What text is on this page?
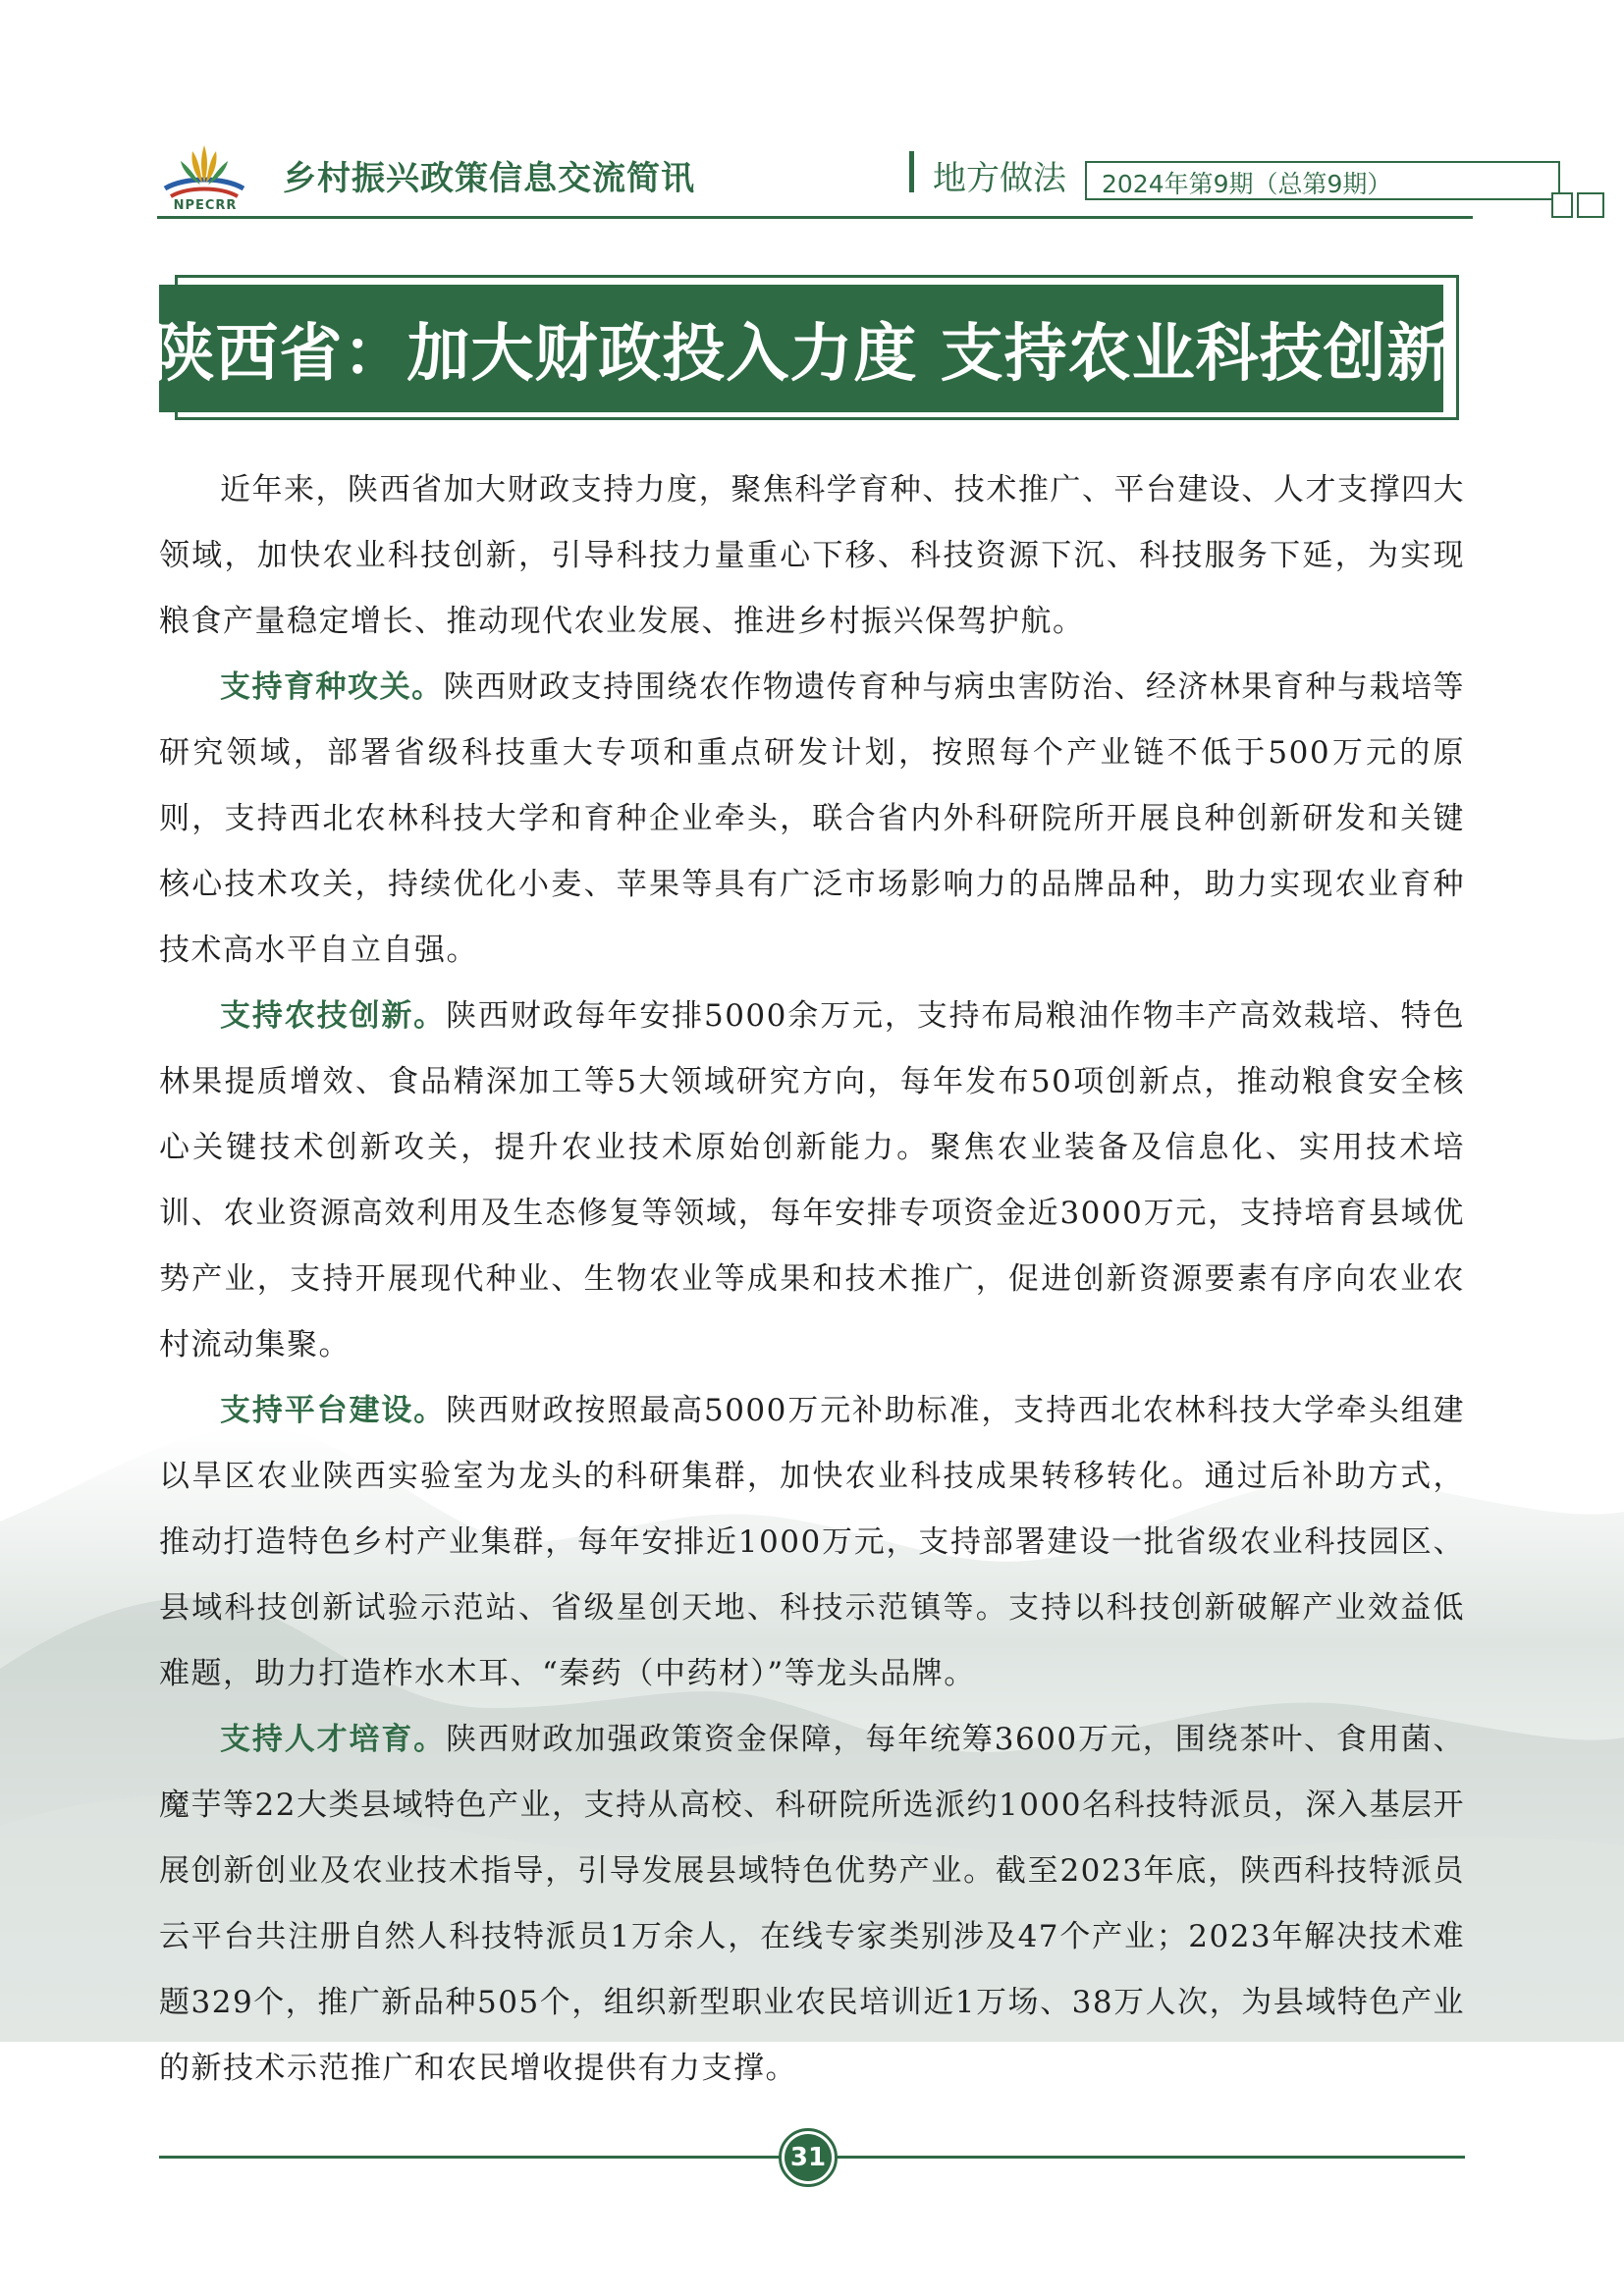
NPECRR
乡村振兴政策信息交流简讯	地方做法 2024年第9期（总第9期）
陕西省：加大财政投入力度 支持农业科技创新

近年来，陕西省加大财政支持力度，聚焦科学育种、技术推广、平台建设、人才支撑四大领域，加快农业科技创新，引导科技力量重心下移、科技资源下沉、科技服务下延，为实现粮食产量稳定增长、推动现代农业发展、推进乡村振兴保驾护航。

支持育种攻关。陕西财政支持围绕农作物遗传育种与病虫害防治、经济林果育种与栽培等研究领域，部署省级科技重大专项和重点研发计划，按照每个产业链不低于500万元的原则，支持西北农林科技大学和育种企业牵头，联合省内外科研院所开展良种创新研发和关键核心技术攻关，持续优化小麦、苹果等具有广泛市场影响力的品牌品种，助力实现农业育种技术高水平自立自强。

支持农技创新。陕西财政每年安排5000余万元，支持布局粮油作物丰产高效栽培、特色林果提质增效、食品精深加工等5大领域研究方向，每年发布50项创新点，推动粮食安全核心关键技术创新攻关，提升农业技术原始创新能力。聚焦农业装备及信息化、实用技术培训、农业资源高效利用及生态修复等领域，每年安排专项资金近3000万元，支持培育县域优势产业，支持开展现代种业、生物农业等成果和技术推广，促进创新资源要素有序向农业农村流动集聚。

支持平台建设。陕西财政按照最高5000万元补助标准，支持西北农林科技大学牵头组建以旱区农业陕西实验室为龙头的科研集群，加快农业科技成果转移转化。通过后补助方式，推动打造特色乡村产业集群，每年安排近1000万元，支持部署建设一批省级农业科技园区、县域科技创新试验示范站、省级星创天地、科技示范镇等。支持以科技创新破解产业效益低难题，助力打造柞水木耳、“秦药（中药材）”等龙头品牌。

支持人才培育。陕西财政加强政策资金保障，每年统筹3600万元，围绕茶叶、食用菌、魔芋等22大类县域特色产业，支持从高校、科研院所选派约1000名科技特派员，深入基层开展创新创业及农业技术指导，引导发展县域特色优势产业。截至2023年底，陕西科技特派员云平台共注册自然人科技特派员1万余人，在线专家类别涉及47个产业；2023年解决技术难题329个，推广新品种505个，组织新型职业农民培训近1万场、38万人次，为县域特色产业的新技术示范推广和农民增收提供有力支撑。

31
